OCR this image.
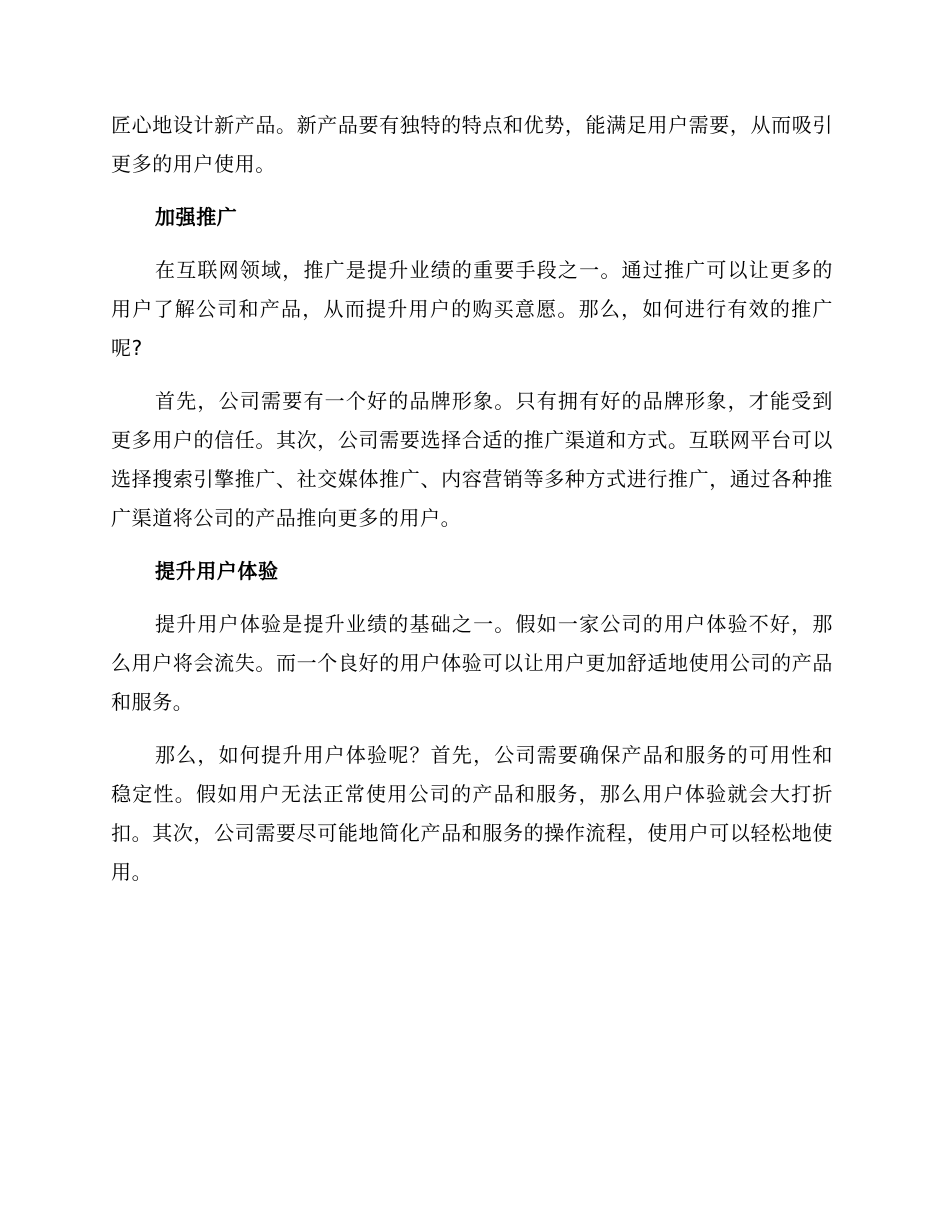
匠心地设计新产品。新产品要有独特的特点和优势，能满足用户需要，从而吸引更多的用户使用。

加强推广

在互联网领域，推广是提升业绩的重要手段之一。通过推广可以让更多的用户了解公司和产品，从而提升用户的购买意愿。那么，如何进行有效的推广呢?

首先，公司需要有一个好的品牌形象。只有拥有好的品牌形象，才能受到更多用户的信任。其次，公司需要选择合适的推广渠道和方式。互联网平台可以选择搜索引擎推广、社交媒体推广、内容营销等多种方式进行推广，通过各种推广渠道将公司的产品推向更多的用户。

提升用户体验

提升用户体验是提升业绩的基础之一。假如一家公司的用户体验不好，那么用户将会流失。而一个良好的用户体验可以让用户更加舒适地使用公司的产品和服务。

那么，如何提升用户体验呢？首先，公司需要确保产品和服务的可用性和稳定性。假如用户无法正常使用公司的产品和服务，那么用户体验就会大打折扣。其次，公司需要尽可能地简化产品和服务的操作流程，使用户可以轻松地使用。
